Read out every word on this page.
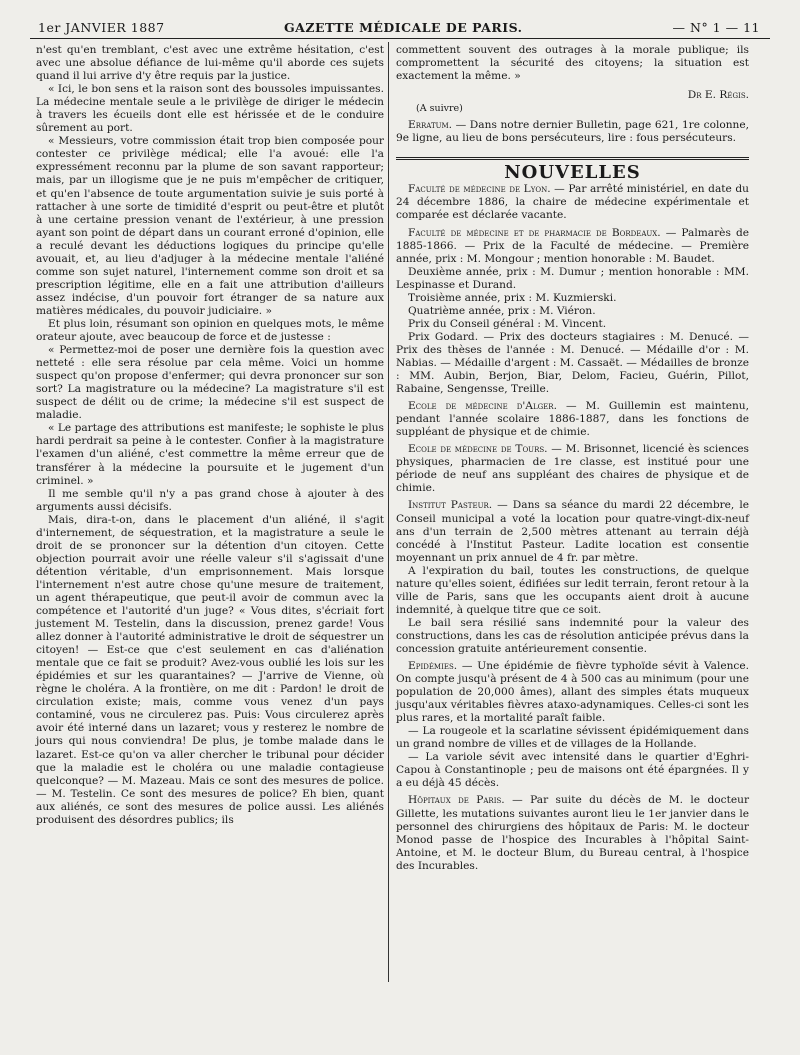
1er JANVIER 1887	GAZETTE MÉDICALE DE PARIS.	— N° 1 — 11

n'est qu'en tremblant, c'est avec une extrême hésitation, c'est avec une absolue défiance de lui-même qu'il aborde ces sujets quand il lui arrive d'y être requis par la justice.

« Ici, le bon sens et la raison sont des boussoles impuissantes. La médecine mentale seule a le privilège de diriger le médecin à travers les écueils dont elle est hérissée et de le conduire sûrement au port.

« Messieurs, votre commission était trop bien composée pour contester ce privilège médical; elle l'a avoué: elle l'a expressément reconnu par la plume de son savant rapporteur; mais, par un illogisme que je ne puis m'empêcher de critiquer, et qu'en l'absence de toute argumentation suivie je suis porté à rattacher à une sorte de timidité d'esprit ou peut-être et plutôt à une certaine pression venant de l'extérieur, à une pression ayant son point de départ dans un courant erroné d'opinion, elle a reculé devant les déductions logiques du principe qu'elle avouait, et, au lieu d'adjuger à la médecine mentale l'aliéné comme son sujet naturel, l'internement comme son droit et sa prescription légitime, elle en a fait une attribution d'ailleurs assez indécise, d'un pouvoir fort étranger de sa nature aux matières médicales, du pouvoir judiciaire. »

Et plus loin, résumant son opinion en quelques mots, le même orateur ajoute, avec beaucoup de force et de justesse :

« Permettez-moi de poser une dernière fois la question avec netteté : elle sera résolue par cela même. Voici un homme suspect qu'on propose d'enfermer; qui devra prononcer sur son sort? La magistrature ou la médecine? La magistrature s'il est suspect de délit ou de crime; la médecine s'il est suspect de maladie.

« Le partage des attributions est manifeste; le sophiste le plus hardi perdrait sa peine à le contester. Confier à la magistrature l'examen d'un aliéné, c'est commettre la même erreur que de transférer à la médecine la poursuite et le jugement d'un criminel. »

Il me semble qu'il n'y a pas grand chose à ajouter à des arguments aussi décisifs.

Mais, dira-t-on, dans le placement d'un aliéné, il s'agit d'internement, de séquestration, et la magistrature a seule le droit de se prononcer sur la détention d'un citoyen. Cette objection pourrait avoir une réelle valeur s'il s'agissait d'une détention véritable, d'un emprisonnement. Mais lorsque l'internement n'est autre chose qu'une mesure de traitement, un agent thérapeutique, que peut-il avoir de commun avec la compétence et l'autorité d'un juge? « Vous dites, s'écriait fort justement M. Testelin, dans la discussion, prenez garde! Vous allez donner à l'autorité administrative le droit de séquestrer un citoyen! — Est-ce que c'est seulement en cas d'aliénation mentale que ce fait se produit? Avez-vous oublié les lois sur les épidémies et sur les quarantaines? — J'arrive de Vienne, où règne le choléra. A la frontière, on me dit : Pardon! le droit de circulation existe; mais, comme vous venez d'un pays contaminé, vous ne circulerez pas. Puis: Vous circulerez après avoir été interné dans un lazaret; vous y resterez le nombre de jours qui nous conviendra! De plus, je tombe malade dans le lazaret. Est-ce qu'on va aller chercher le tribunal pour décider que la maladie est le choléra ou une maladie contagieuse quelconque? — M. Mazeau. Mais ce sont des mesures de police. — M. Testelin. Ce sont des mesures de police? Eh bien, quant aux aliénés, ce sont des mesures de police aussi. Les aliénés produisent des désordres publics; ils

commettent souvent des outrages à la morale publique; ils compromettent la sécurité des citoyens; la situation est exactement la même. »

Dr E. Régis.

(A suivre)

Erratum. — Dans notre dernier Bulletin, page 621, 1re colonne, 9e ligne, au lieu de bons persécuteurs, lire : fous persécuteurs.

NOUVELLES

Faculté de médecine de Lyon. — Par arrêté ministériel, en date du 24 décembre 1886, la chaire de médecine expérimentale et comparée est déclarée vacante.

Faculté de médecine et de pharmacie de Bordeaux. — Palmarès de 1885-1866. — Prix de la Faculté de médecine. — Première année, prix : M. Mongour ; mention honorable : M. Baudet.

Deuxième année, prix : M. Dumur ; mention honorable : MM. Lespinasse et Durand.

Troisième année, prix : M. Kuzmierski.

Quatrième année, prix : M. Viéron.

Prix du Conseil général : M. Vincent.

Prix Godard. — Prix des docteurs stagiaires : M. Denucé. — Prix des thèses de l'année : M. Denucé. — Médaille d'or : M. Nabias. — Médaille d'argent : M. Cassaët. — Médailles de bronze : MM. Aubin, Berjon, Biar, Delom, Facieu, Guérin, Pillot, Rabaine, Sengensse, Treille.

Ecole de médecine d'Alger. — M. Guillemin est maintenu, pendant l'année scolaire 1886-1887, dans les fonctions de suppléant de physique et de chimie.

Ecole de médecine de Tours. — M. Brisonnet, licencié ès sciences physiques, pharmacien de 1re classe, est institué pour une période de neuf ans suppléant des chaires de physique et de chimie.

Institut Pasteur. — Dans sa séance du mardi 22 décembre, le Conseil municipal a voté la location pour quatre-vingt-dix-neuf ans d'un terrain de 2,500 mètres attenant au terrain déjà concédé à l'Institut Pasteur. Ladite location est consentie moyennant un prix annuel de 4 fr. par mètre.

A l'expiration du bail, toutes les constructions, de quelque nature qu'elles soient, édifiées sur ledit terrain, feront retour à la ville de Paris, sans que les occupants aient droit à aucune indemnité, à quelque titre que ce soit.

Le bail sera résilié sans indemnité pour la valeur des constructions, dans les cas de résolution anticipée prévus dans la concession gratuite antérieurement consentie.

Epidémies. — Une épidémie de fièvre typhoïde sévit à Valence. On compte jusqu'à présent de 4 à 500 cas au minimum (pour une population de 20,000 âmes), allant des simples états muqueux jusqu'aux véritables fièvres ataxo-adynamiques. Celles-ci sont les plus rares, et la mortalité paraît faible.

— La rougeole et la scarlatine sévissent épidémiquement dans un grand nombre de villes et de villages de la Hollande.

— La variole sévit avec intensité dans le quartier d'Eghri-Capou à Constantinople ; peu de maisons ont été épargnées. Il y a eu déjà 45 décès.

Hôpitaux de Paris. — Par suite du décès de M. le docteur Gillette, les mutations suivantes auront lieu le 1er janvier dans le personnel des chirurgiens des hôpitaux de Paris: M. le docteur Monod passe de l'hospice des Incurables à l'hôpital Saint-Antoine, et M. le docteur Blum, du Bureau central, à l'hospice des Incurables.
